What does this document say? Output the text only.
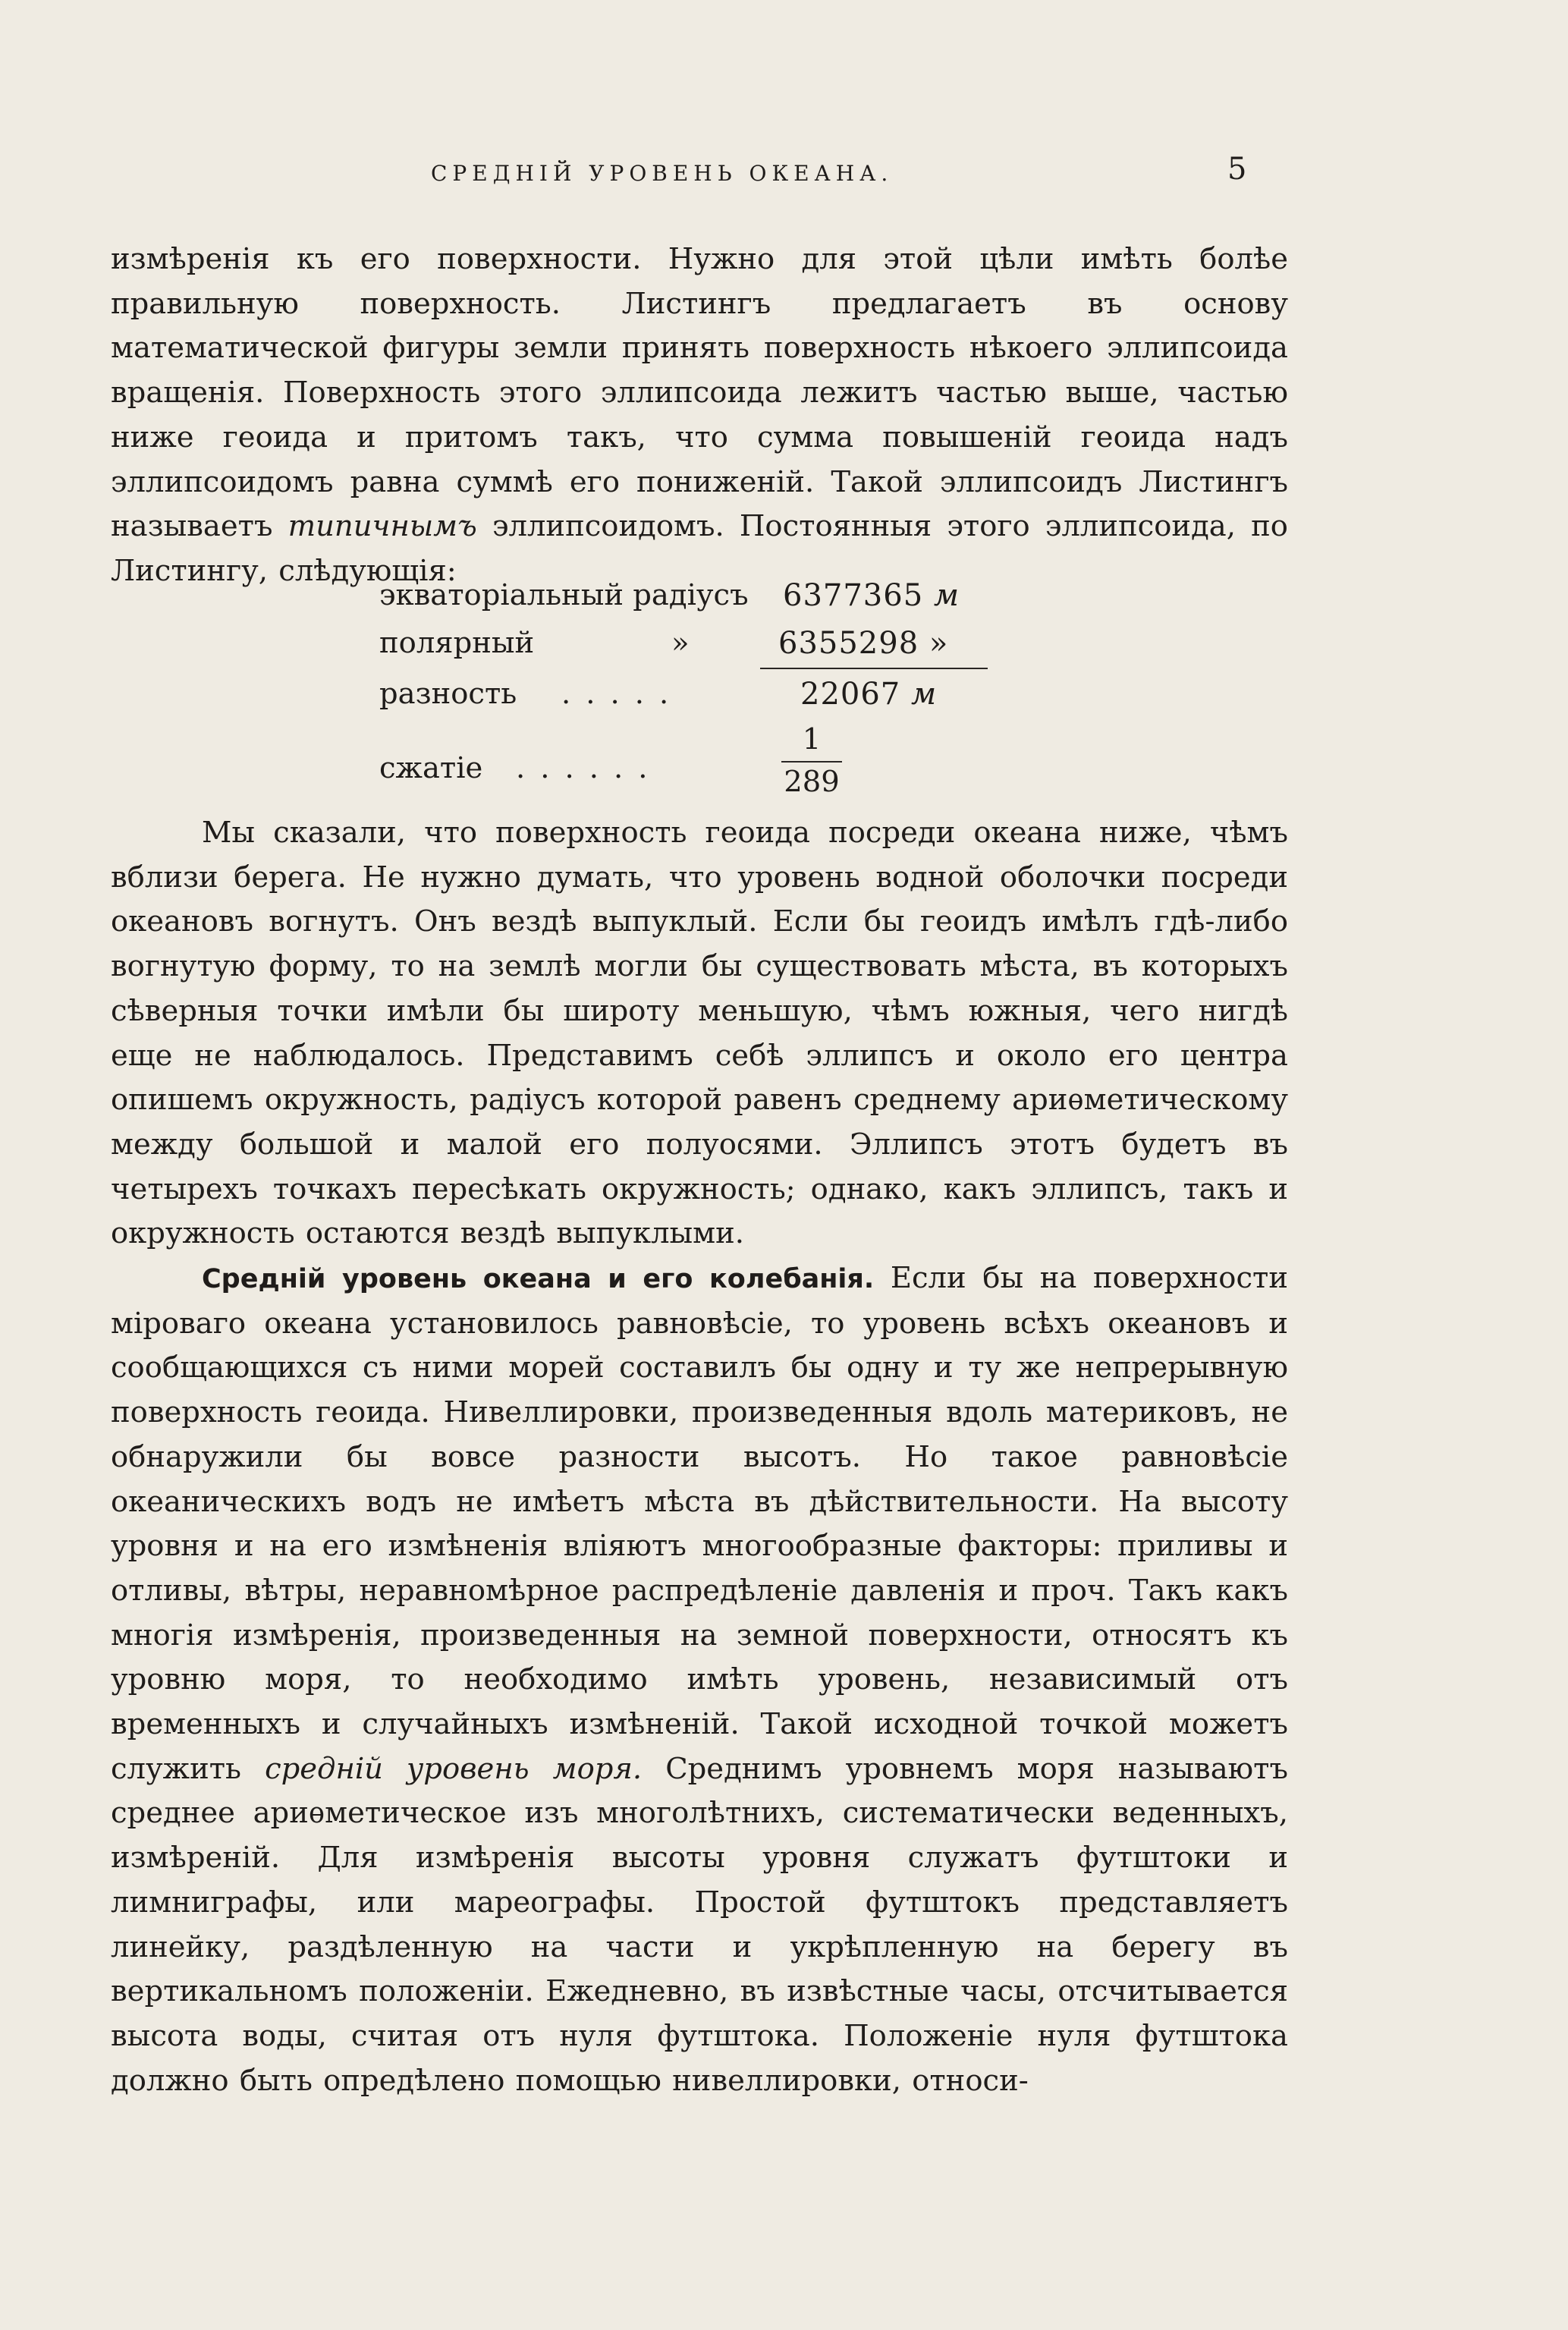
СРЕДНІЙ УРОВЕНЬ ОКЕАНА.	5

измѣренія къ его поверхности. Нужно для этой цѣли имѣть болѣе правильную поверхность. Листингъ предлагаетъ въ основу математической фигуры земли принять поверхность нѣкоего эллипсоида вращенія. Поверхность этого эллипсоида лежитъ частью выше, частью ниже геоида и притомъ такъ, что сумма повышеній геоида надъ эллипсоидомъ равна суммѣ его пониженій. Такой эллипсоидъ Листингъ называетъ типичнымъ эллипсоидомъ. Постоянныя этого эллипсоида, по Листингу, слѣдующія:

экваторіальный радіусъ 6377365 м
полярный	»	6355298 »
разность .....	22067 м
сжатіе ......
1
289

Мы сказали, что поверхность геоида посреди океана ниже, чѣмъ вблизи берега. Не нужно думать, что уровень водной оболочки посреди океановъ вогнутъ. Онъ вездѣ выпуклый. Если бы геоидъ имѣлъ гдѣ-либо вогнутую форму, то на землѣ могли бы существовать мѣста, въ которыхъ сѣверныя точки имѣли бы широту меньшую, чѣмъ южныя, чего нигдѣ еще не наблюдалось. Представимъ себѣ эллипсъ и около его центра опишемъ окружность, радіусъ которой равенъ среднему ариѳметическому между большой и малой его полуосями. Эллипсъ этотъ будетъ въ четырехъ точкахъ пересѣкать окружность; однако, какъ эллипсъ, такъ и окружность остаются вездѣ выпуклыми.

Средній уровень океана и его колебанія. Если бы на поверхности міроваго океана установилось равновѣсіе, то уровень всѣхъ океановъ и сообщающихся съ ними морей составилъ бы одну и ту же непрерывную поверхность геоида. Нивеллировки, произведенныя вдоль материковъ, не обнаружили бы вовсе разности высотъ. Но такое равновѣсіе океаническихъ водъ не имѣетъ мѣста въ дѣйствительности. На высоту уровня и на его измѣненія вліяютъ многообразные факторы: приливы и отливы, вѣтры, неравномѣрное распредѣленіе давленія и проч. Такъ какъ многія измѣренія, произведенныя на земной поверхности, относятъ къ уровню моря, то необходимо имѣть уровень, независимый отъ временныхъ и случайныхъ измѣненій. Такой исходной точкой можетъ служить средній уровень моря. Среднимъ уровнемъ моря называютъ среднее ариѳметическое изъ многолѣтнихъ, систематически веденныхъ, измѣреній. Для измѣренія высоты уровня служатъ футштоки и лимниграфы, или мареографы. Простой футштокъ представляетъ линейку, раздѣленную на части и укрѣпленную на берегу въ вертикальномъ положеніи. Ежедневно, въ извѣстные часы, отсчитывается высота воды, считая отъ нуля футштока. Положеніе нуля футштока должно быть опредѣлено помощью нивеллировки, относи-
